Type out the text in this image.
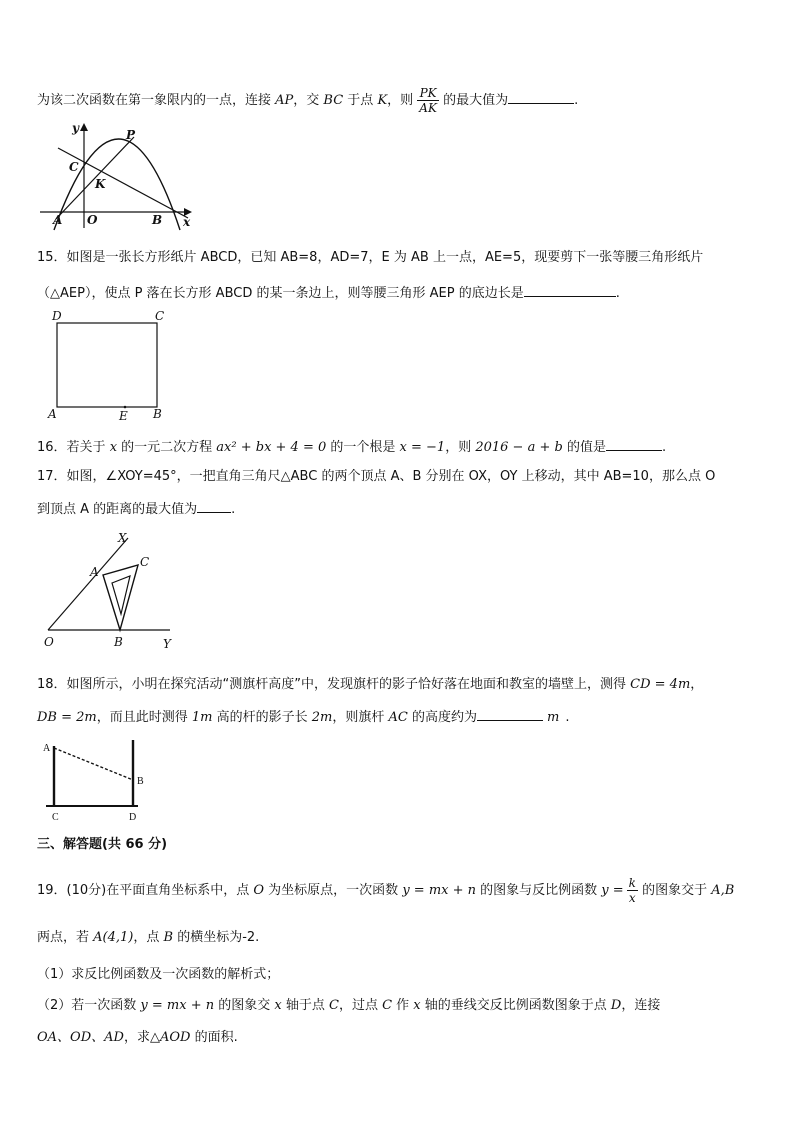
为该二次函数在第一象限内的一点，连接 AP，交 BC 于点 K，则 $\frac{PK}{AK}$ 的最大值为	.
y
x
P
C
K
A O	B
15．如图是一张长方形纸片 ABCD，已知 AB=8，AD=7，E 为 AB 上一点，AE=5，现要剪下一张等腰三角形纸片
（△AEP），使点 P 落在长方形 ABCD 的某一条边上，则等腰三角形 AEP 的底边长是	.
D	C
A	E B
16．若关于 x 的一元二次方程 ax² + bx + 4 = 0 的一个根是 x = −1，则 2016 − a + b 的值是	.
17．如图，∠XOY=45°，一把直角三角尺△ABC 的两个顶点 A、B 分别在 OX，OY 上移动，其中 AB=10，那么点 O
到顶点 A 的距离的最大值为	.
X
C
A
O	B	Y
18．如图所示，小明在探究活动“测旗杆高度”中，发现旗杆的影子恰好落在地面和教室的墙壁上，测得 CD = 4m，
DB = 2m，而且此时测得 1m 高的杆的影子长 2m，则旗杆 AC 的高度约为	m .
A
B
C	D
三、解答题(共 66 分)
19．(10分)在平面直角坐标系中，点 O 为坐标原点，一次函数 y = mx + n 的图象与反比例函数 $y = \frac{k}{x}$ 的图象交于 A,B
两点，若 A(4,1)，点 B 的横坐标为-2.
（1）求反比例函数及一次函数的解析式；
（2）若一次函数 y = mx + n 的图象交 x 轴于点 C，过点 C 作 x 轴的垂线交反比例函数图象于点 D，连接
OA、OD、AD，求△AOD 的面积.
